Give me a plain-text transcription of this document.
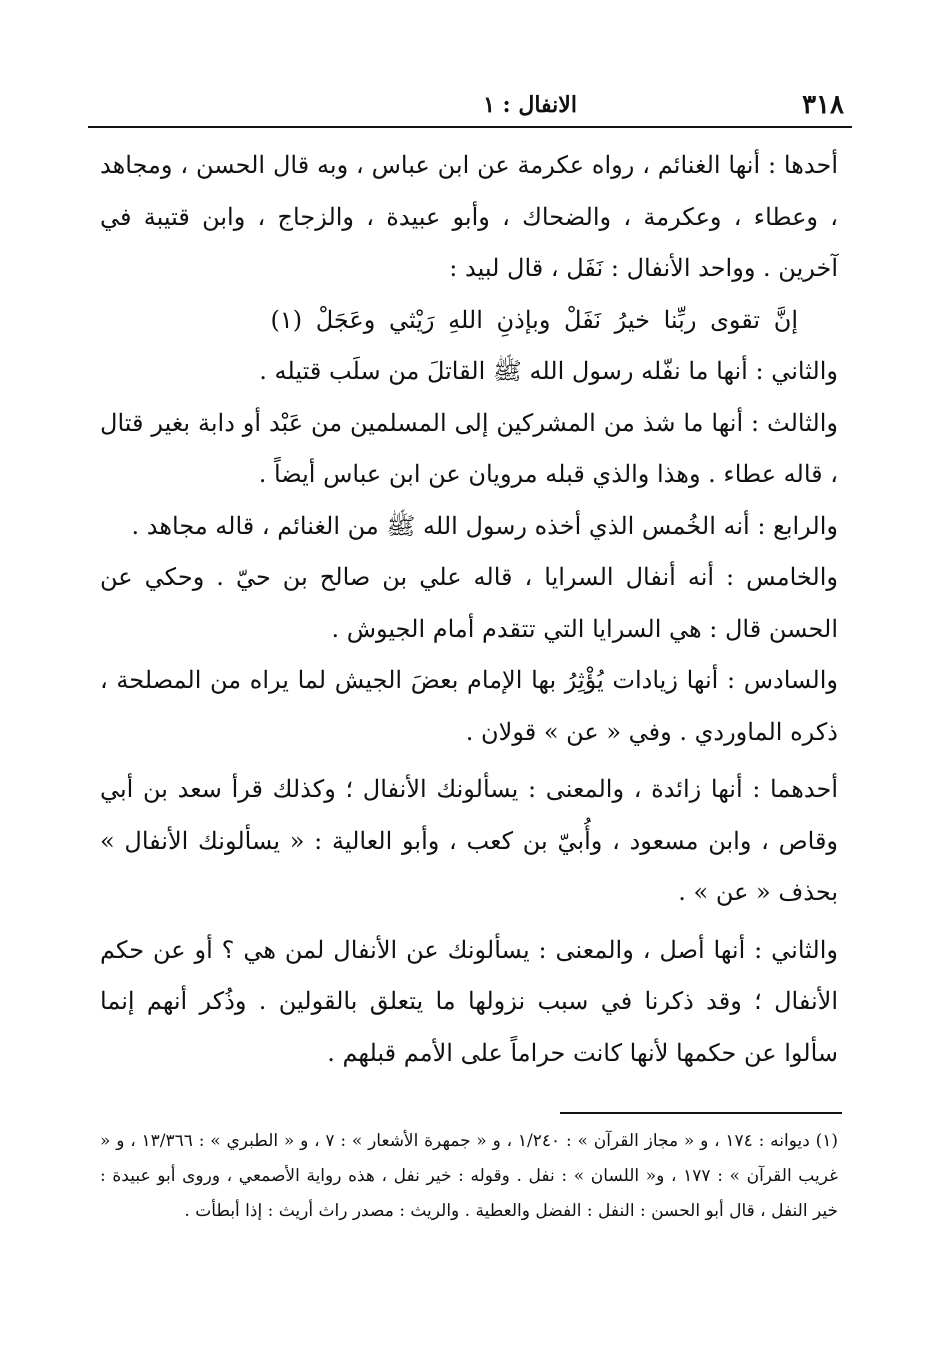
٣١٨
الانفال : ١

أحدها : أنها الغنائم ، رواه عكرمة عن ابن عباس ، وبه قال الحسن ، ومجاهد ، وعطاء ، وعكرمة ، والضحاك ، وأبو عبيدة ، والزجاج ، وابن قتيبة في آخرين . وواحد الأنفال : نَفَل ، قال لبيد :

إنَّ تقوى ربِّنا خيرُ نَفَلْ وبإذنِ اللهِ رَيْثي وعَجَلْ (١)

والثاني : أنها ما نفّله رسول الله ﷺ القاتلَ من سلَب قتيله .

والثالث : أنها ما شذ من المشركين إلى المسلمين من عَبْد أو دابة بغير قتال ، قاله عطاء . وهذا والذي قبله مرويان عن ابن عباس أيضاً .

والرابع : أنه الخُمس الذي أخذه رسول الله ﷺ من الغنائم ، قاله مجاهد .

والخامس : أنه أنفال السرايا ، قاله علي بن صالح بن حيّ . وحكي عن الحسن قال : هي السرايا التي تتقدم أمام الجيوش .

والسادس : أنها زيادات يُؤْثِرُ بها الإمام بعضَ الجيش لما يراه من المصلحة ، ذكره الماوردي . وفي « عن » قولان .

أحدهما : أنها زائدة ، والمعنى : يسألونك الأنفال ؛ وكذلك قرأ سعد بن أبي وقاص ، وابن مسعود ، وأُبيّ بن كعب ، وأبو العالية : « يسألونك الأنفال » بحذف « عن » .

والثاني : أنها أصل ، والمعنى : يسألونك عن الأنفال لمن هي ؟ أو عن حكم الأنفال ؛ وقد ذكرنا في سبب نزولها ما يتعلق بالقولين . وذُكر أنهم إنما سألوا عن حكمها لأنها كانت حراماً على الأمم قبلهم .

(١) ديوانه : ١٧٤ ، و « مجاز القرآن » : ١/٢٤٠ ، و « جمهرة الأشعار » : ٧ ، و « الطبري » : ١٣/٣٦٦ ، و « غريب القرآن » : ١٧٧ ، و« اللسان » : نفل . وقوله : خير نفل ، هذه رواية الأصمعي ، وروى أبو عبيدة : خير النفل ، قال أبو الحسن : النفل : الفضل والعطية . والريث : مصدر راث أريث : إذا أبطأت .
